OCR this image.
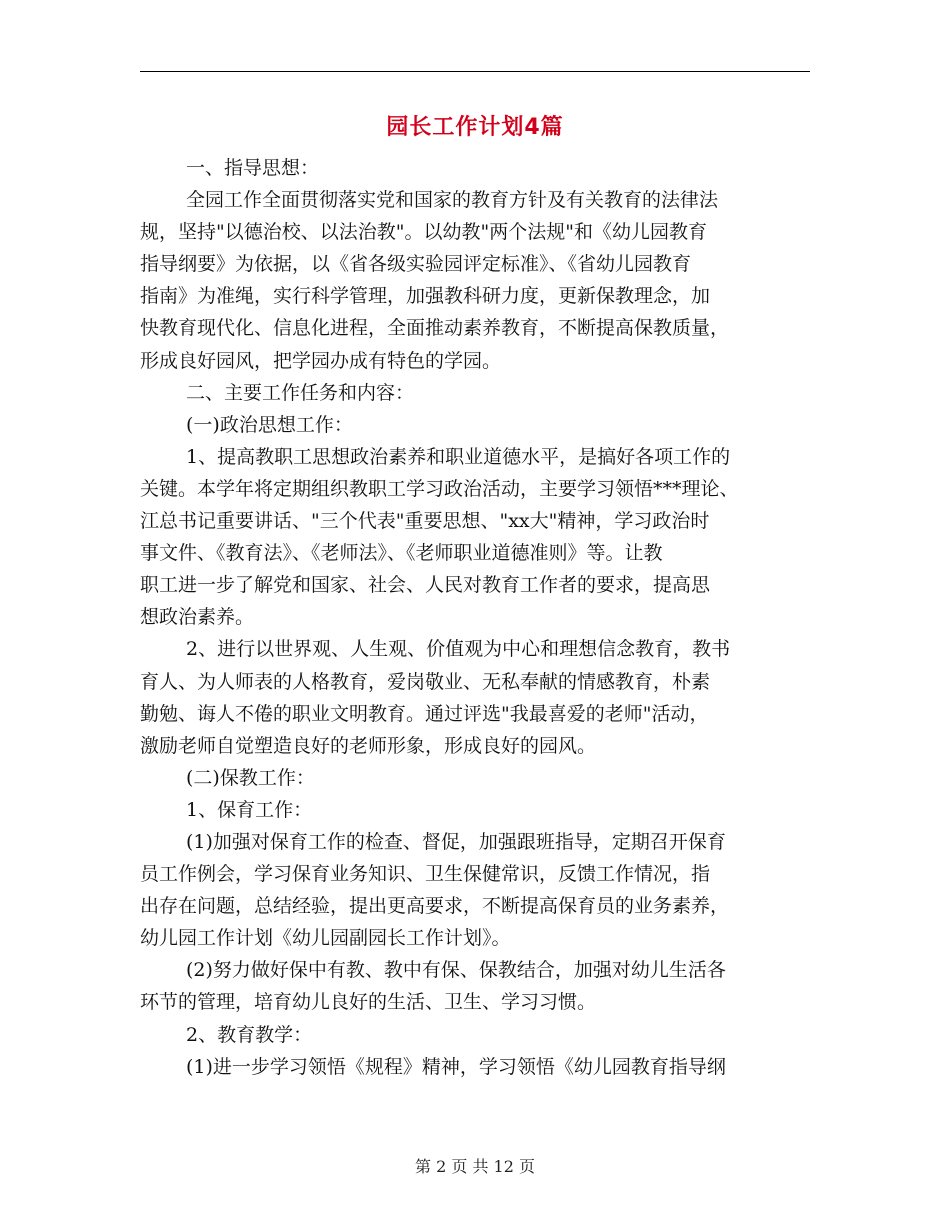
园长工作计划4篇
一、指导思想：
全园工作全面贯彻落实党和国家的教育方针及有关教育的法律法
规，坚持"以德治校、以法治教"。以幼教"两个法规"和《幼儿园教育
指导纲要》为依据，以《省各级实验园评定标准》、《省幼儿园教育
指南》为准绳，实行科学管理，加强教科研力度，更新保教理念，加
快教育现代化、信息化进程，全面推动素养教育，不断提高保教质量，
形成良好园风，把学园办成有特色的学园。
二、主要工作任务和内容：
(一)政治思想工作：
1、提高教职工思想政治素养和职业道德水平，是搞好各项工作的
关键。本学年将定期组织教职工学习政治活动，主要学习领悟***理论、
江总书记重要讲话、"三个代表"重要思想、"xx大"精神，学习政治时
事文件、《教育法》、《老师法》、《老师职业道德准则》等。让教
职工进一步了解党和国家、社会、人民对教育工作者的要求，提高思
想政治素养。
2、进行以世界观、人生观、价值观为中心和理想信念教育，教书
育人、为人师表的人格教育，爱岗敬业、无私奉献的情感教育，朴素
勤勉、诲人不倦的职业文明教育。通过评选"我最喜爱的老师"活动，
激励老师自觉塑造良好的老师形象，形成良好的园风。
(二)保教工作：
1、保育工作：
(1)加强对保育工作的检查、督促，加强跟班指导，定期召开保育
员工作例会，学习保育业务知识、卫生保健常识，反馈工作情况，指
出存在问题，总结经验，提出更高要求，不断提高保育员的业务素养，
幼儿园工作计划《幼儿园副园长工作计划》。
(2)努力做好保中有教、教中有保、保教结合，加强对幼儿生活各
环节的管理，培育幼儿良好的生活、卫生、学习习惯。
2、教育教学：
(1)进一步学习领悟《规程》精神，学习领悟《幼儿园教育指导纲
第 2 页 共 12 页
